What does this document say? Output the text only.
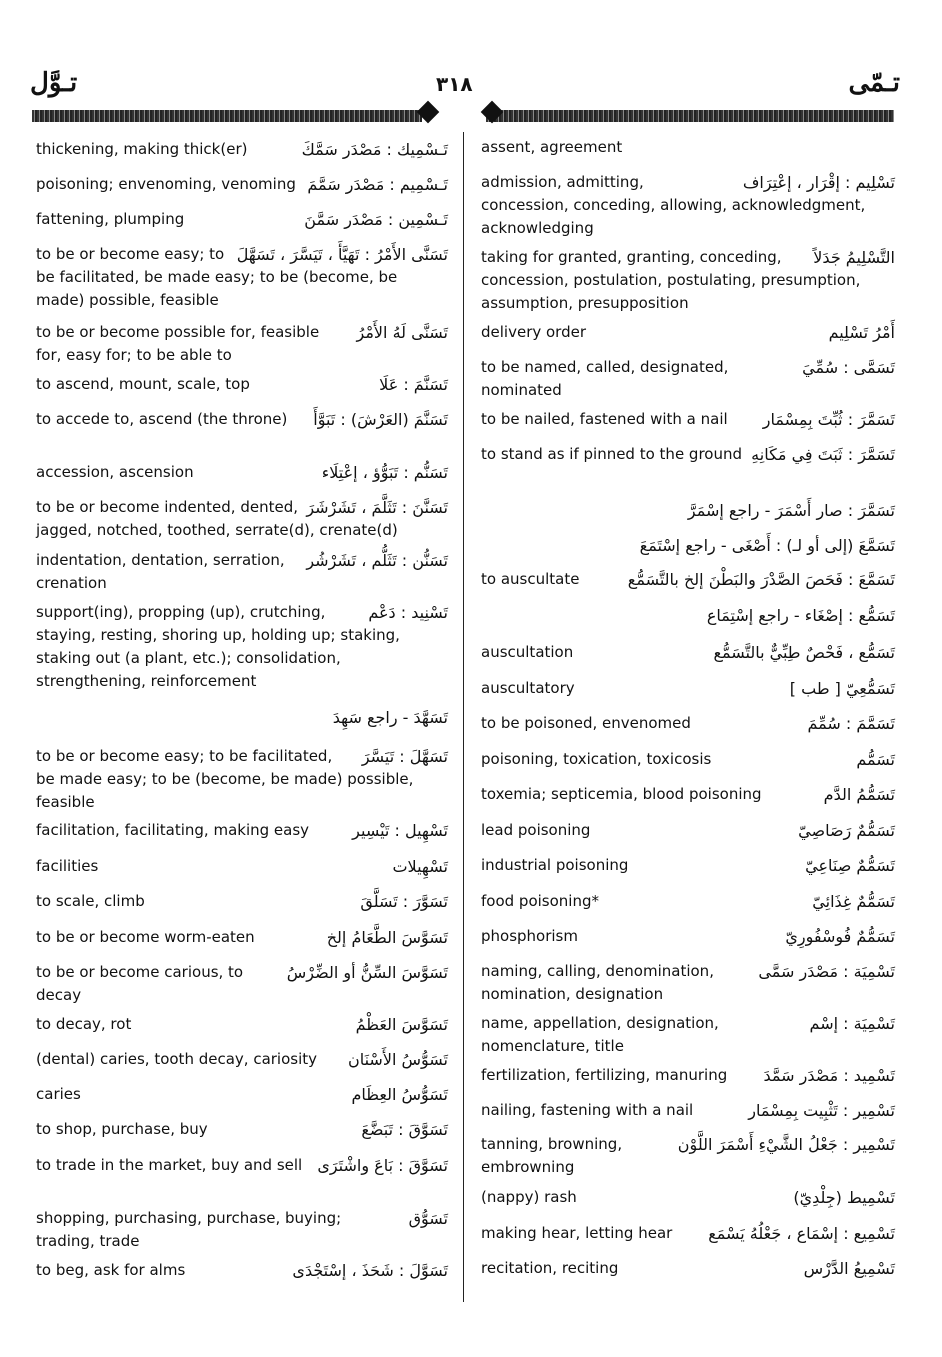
تـوَّل	٣١٨	تـمّى
تَـسْمِيك : مَصْدَر سَمَّكَ
thickening, making thick(er)
تَـسْمِيم : مَصْدَر سَمَّمَ
poisoning; envenoming, venoming
تَـسْمِين : مَصْدَر سَمَّنَ
fattening, plumping
تَسَنَّى الأَمْرُ : تَهَيَّأَ ، تَيَسَّرَ ، تَسَهَّلَ
to be or become easy; to be facilitated, be made easy; to be (become, be made) possible, feasible
تَسَنَّى لَهُ الأَمْرُ
to be or become possible for, feasible for, easy for; to be able to
تَسَنَّمَ : عَلَا
to ascend, mount, scale, top
تَسَنَّمَ (العَرْشَ) : تَبَوَّأَ
to accede to, ascend (the throne)
تَسَنُّم : تَبَوُّؤ ، إعْتِلَاء
accession, ascension
تَسَنَّنَ : تَثَلَّمَ ، تَشَرْشَرَ
to be or become indented, dented, jagged, notched, toothed, serrate(d), crenate(d)
تَسَنُّن : تَثَلُّم ، تَشَرْشُر
indentation, dentation, serration, crenation
تَسْنِيد : دَعْم
support(ing), propping (up), crutching, staying, resting, shoring up, holding up; staking, staking out (a plant, etc.); consolidation, strengthening, reinforcement
تَسَهَّدَ - راجع سَهِدَ
تَسَهَّلَ : تَيَسَّرَ
to be or become easy; to be facilitated, be made easy; to be (become, be made) possible, feasible
تَسْهِيل : تَيْسِير
facilitation, facilitating, making easy
تَسْهِيلات
facilities
تَسَوَّرَ : تَسَلَّقَ
to scale, climb
تَسَوَّسَ الطَّعَامُ إلخ
to be or become worm-eaten
تَسَوَّسَ السِّنُّ أو الضِّرْسُ
to be or become carious, to decay
تَسَوَّسَ العَظْمُ
to decay, rot
تَسَوُّسُ الأَسْنَان
(dental) caries, tooth decay, cariosity
تَسَوُّسُ العِظَام
caries
تَسَوَّقَ : تَبَضَّعَ
to shop, purchase, buy
تَسَوَّقَ : بَاعَ واشْتَرَى
to trade in the market, buy and sell
تَسَوُّق
shopping, purchasing, purchase, buying; trading, trade
تَسَوَّلَ : شَحَذَ ، إسْتَجْدَى
to beg, ask for alms
assent, agreement
تَسْلِيم : إقْرَار ، إعْتِرَاف
admission, admitting, concession, conceding, allowing, acknowledgment, acknowledging
التَّسْلِيمُ جَدَلاً
taking for granted, granting, conceding, concession, postulation, postulating, presumption, assumption, presupposition
أَمْرُ تَسْلِيم
delivery order
تَسَمَّى : سُمِّيَ
to be named, called, designated, nominated
تَسَمَّرَ : ثُبِّتَ بِمِسْمَار
to be nailed, fastened with a nail
تَسَمَّرَ : ثَبَتَ فِي مَكَانِهِ
to stand as if pinned to the ground
تَسَمَّرَ : صار أَسْمَرَ - راجع إسْمَرَّ
تَسَمَّعَ (إلى أو لـ) : أَصْغَى - راجع إسْتَمَعَ
تَسَمَّعَ : فَحَصَ الصَّدْرَ والبَطْنَ إلخ بالتَّسَمُّع
to auscultate
تَسَمُّع : إصْغَاء - راجع إسْتِمَاع
تَسَمُّع ، فَحْصٌ طِبِّيٌّ بالتَّسَمُّع
auscultation
تَسَمُّعِيّ [ طب ]
auscultatory
تَسَمَّمَ : سُمِّمَ
to be poisoned, envenomed
تَسَمُّم
poisoning, toxication, toxicosis
تَسَمُّمُ الدَّم
toxemia; septicemia, blood poisoning
تَسَمُّمٌ رَصَاصِيّ
lead poisoning
تَسَمُّمٌ صِنَاعِيّ
industrial poisoning
تَسَمُّمٌ غِذَائِيّ
food poisoning*
تَسَمُّمٌ فُوسْفُورِيّ
phosphorism
تَسْمِيَة : مَصْدَر سَمَّى
naming, calling, denomination, nomination, designation
تَسْمِيَة : إسْم
name, appellation, designation, nomenclature, title
تَسْمِيد : مَصْدَر سَمَّدَ
fertilization, fertilizing, manuring
تَسْمِير : تَثْبِيت بِمِسْمَار
nailing, fastening with a nail
تَسْمِير : جَعْلُ الشَّيْءِ أَسْمَرَ اللَّوْن
tanning, browning, embrowning
تَسْمِيط (جِلْدِيّ)
(nappy) rash
تَسْمِيع : إسْمَاع ، جَعْلُهُ يَسْمَع
making hear, letting hear
تَسْمِيعُ الدَّرْس
recitation, reciting
